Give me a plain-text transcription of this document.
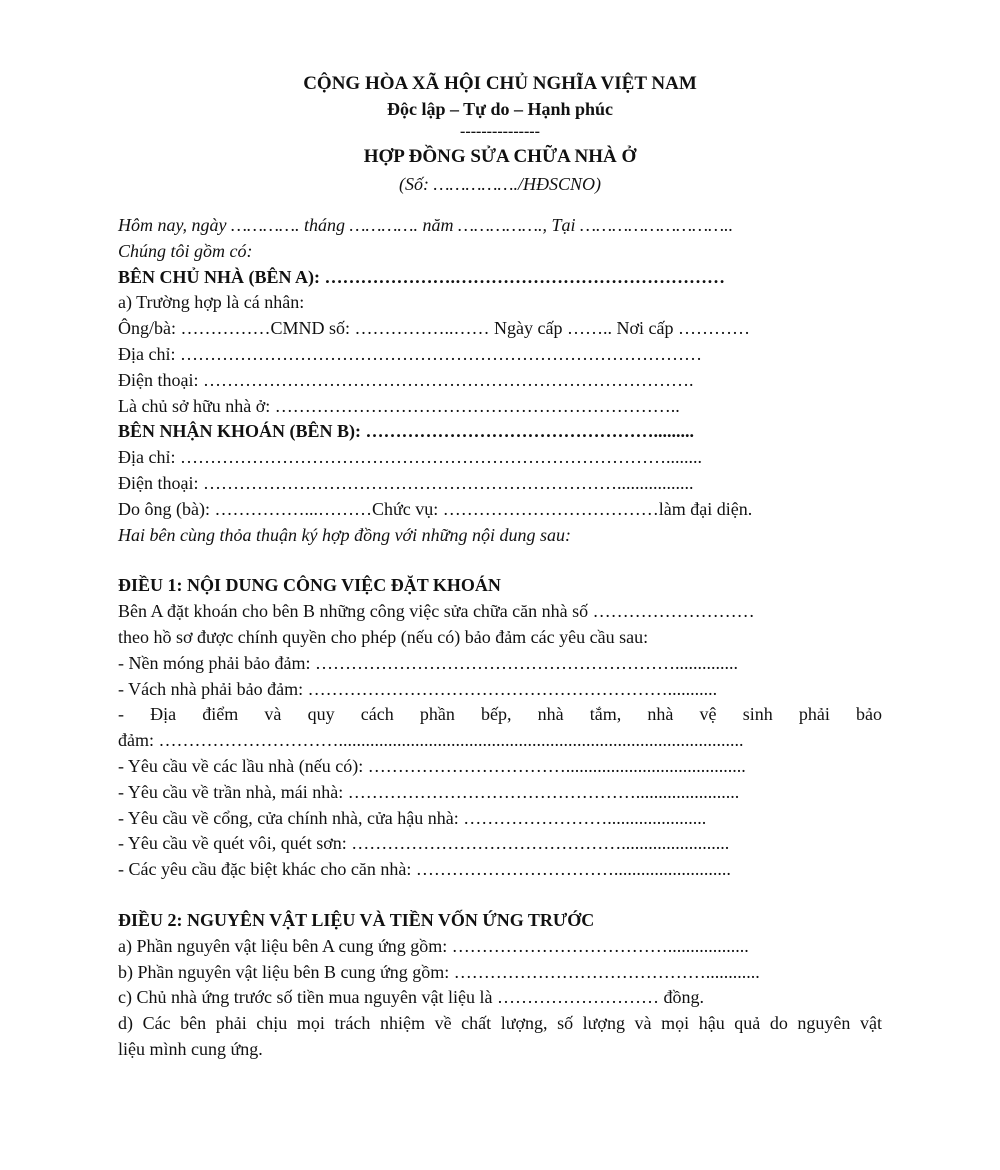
CỘNG HÒA XÃ HỘI CHỦ NGHĨA VIỆT NAM
Độc lập – Tự do – Hạnh phúc
---------------
HỢP ĐỒNG SỬA CHỮA NHÀ Ở
(Số: ……………./HĐSCNO)
Hôm nay, ngày …………. tháng …………. năm ……………., Tại ………………………..
Chúng tôi gồm có:
BÊN CHỦ NHÀ (BÊN A): ………………….………………………………………
a) Trường hợp là cá nhân:
Ông/bà: ……………CMND số: ……………..…… Ngày cấp …….. Nơi cấp …………
Địa chỉ: ……………………………………………………………………………
Điện thoại: ……………………………………………………………………….
Là chủ sở hữu nhà ở: …………………………………………………………..
BÊN NHẬN KHOÁN (BÊN B): ………………………………………….........
Địa chỉ: ………………………………………………………………………........
Điện thoại: …………………………………………………………….................
Do ông (bà): ……………...………Chức vụ: ………………………………làm đại diện.
Hai bên cùng thỏa thuận ký hợp đồng với những nội dung sau:
ĐIỀU 1: NỘI DUNG CÔNG VIỆC ĐẶT KHOÁN
Bên A đặt khoán cho bên B những công việc sửa chữa căn nhà số ………………………
theo hồ sơ được chính quyền cho phép (nếu có) bảo đảm các yêu cầu sau:
- Nền móng phải bảo đảm: ……………………………………………………..............
- Vách nhà phải bảo đảm: ……………………………………………………...........
- Địa điểm và quy cách phần bếp, nhà tắm, nhà vệ sinh phải bảo
đảm: …………………………..........................................................................................
- Yêu cầu về các lầu nhà (nếu có): ……………………………........................................
- Yêu cầu về trần nhà, mái nhà: ………………………………………….......................
- Yêu cầu về cổng, cửa chính nhà, cửa hậu nhà: ……………………......................
- Yêu cầu về quét vôi, quét sơn: ………………………………………........................
- Các yêu cầu đặc biệt khác cho căn nhà: ……………………………..........................
ĐIỀU 2: NGUYÊN VẬT LIỆU VÀ TIỀN VỐN ỨNG TRƯỚC
a) Phần nguyên vật liệu bên A cung ứng gồm: ………………………………..................
b) Phần nguyên vật liệu bên B cung ứng gồm: ……………………………………............
c) Chủ nhà ứng trước số tiền mua nguyên vật liệu là ……………………… đồng.
d) Các bên phải chịu mọi trách nhiệm về chất lượng, số lượng và mọi hậu quả do nguyên vật
liệu mình cung ứng.
